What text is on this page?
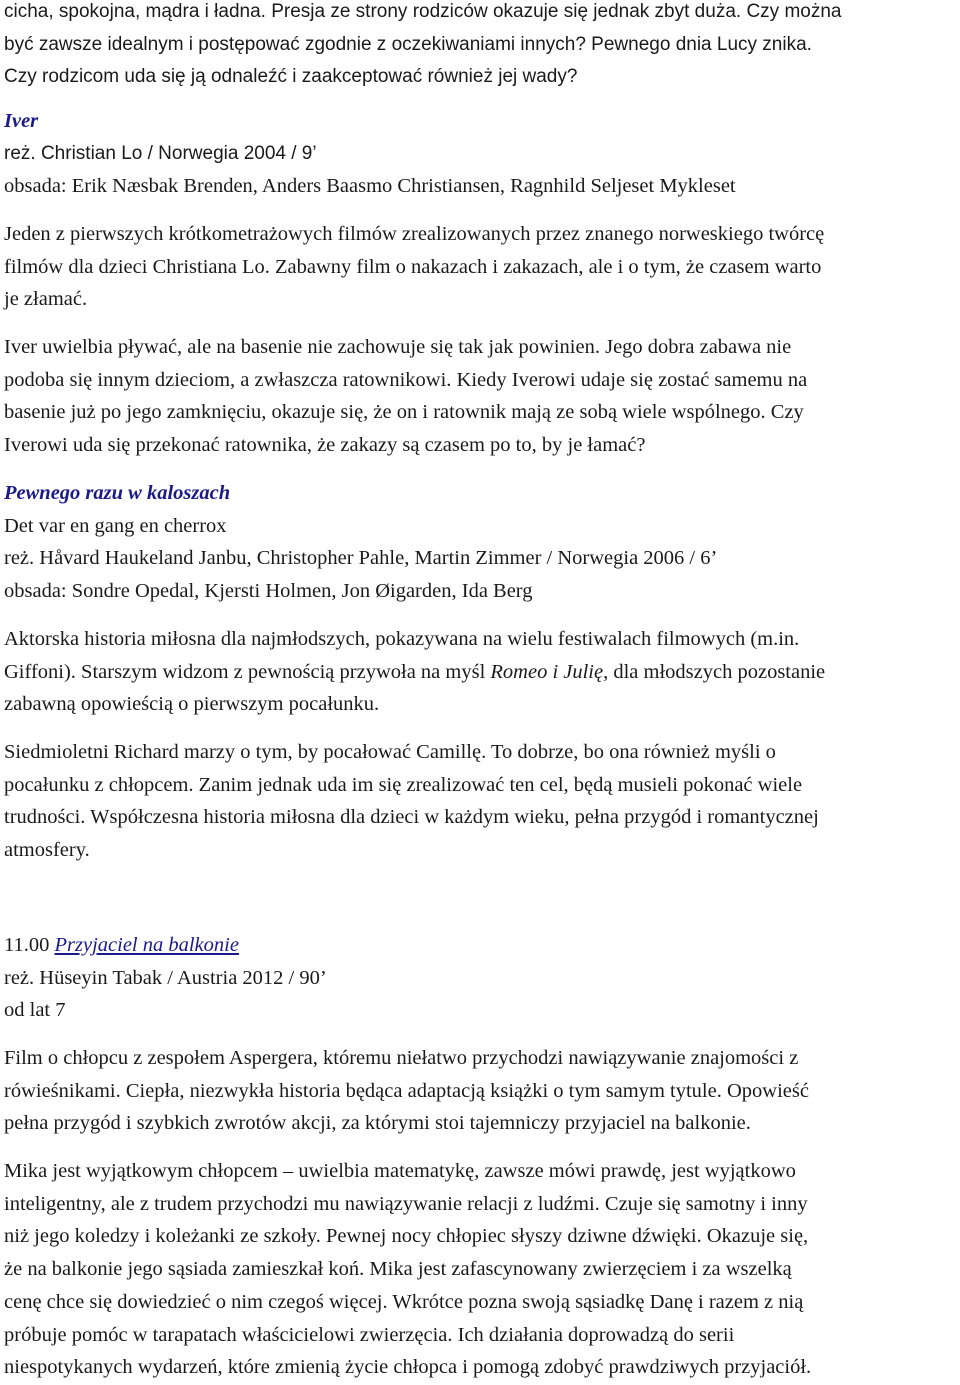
cicha, spokojna, mądra i ładna. Presja ze strony rodziców okazuje się jednak zbyt duża. Czy można

być zawsze idealnym i postępować zgodnie z oczekiwaniami innych? Pewnego dnia Lucy znika.

Czy rodzicom uda się ją odnaleźć i zaakceptować również jej wady?

Iver

reż. Christian Lo / Norwegia 2004 / 9’

obsada: Erik Næsbak Brenden, Anders Baasmo Christiansen, Ragnhild Seljeset Mykleset

Jeden z pierwszych krótkometrażowych filmów zrealizowanych przez znanego norweskiego twórcę

filmów dla dzieci Christiana Lo. Zabawny film o nakazach i zakazach, ale i o tym, że czasem warto

je złamać.

Iver uwielbia pływać, ale na basenie nie zachowuje się tak jak powinien. Jego dobra zabawa nie

podoba się innym dzieciom, a zwłaszcza ratownikowi. Kiedy Iverowi udaje się zostać samemu na

basenie już po jego zamknięciu, okazuje się, że on i ratownik mają ze sobą wiele wspólnego. Czy

Iverowi uda się przekonać ratownika, że zakazy są czasem po to, by je łamać?

Pewnego razu w kaloszach

Det var en gang en cherrox

reż. Håvard Haukeland Janbu, Christopher Pahle, Martin Zimmer / Norwegia 2006 / 6’

obsada: Sondre Opedal, Kjersti Holmen, Jon Øigarden, Ida Berg

Aktorska historia miłosna dla najmłodszych, pokazywana na wielu festiwalach filmowych (m.in.

Giffoni). Starszym widzom z pewnością przywoła na myśl Romeo i Julię, dla młodszych pozostanie

zabawną opowieścią o pierwszym pocałunku.

Siedmioletni Richard marzy o tym, by pocałować Camillę. To dobrze, bo ona również myśli o

pocałunku z chłopcem. Zanim jednak uda im się zrealizować ten cel, będą musieli pokonać wiele

trudności. Współczesna historia miłosna dla dzieci w każdym wieku, pełna przygód i romantycznej

atmosfery.

11.00 Przyjaciel na balkonie

reż. Hüseyin Tabak / Austria 2012 / 90’

od lat 7

Film o chłopcu z zespołem Aspergera, któremu niełatwo przychodzi nawiązywanie znajomości z

rówieśnikami. Ciepła, niezwykła historia będąca adaptacją książki o tym samym tytule. Opowieść

pełna przygód i szybkich zwrotów akcji, za którymi stoi tajemniczy przyjaciel na balkonie.

Mika jest wyjątkowym chłopcem – uwielbia matematykę, zawsze mówi prawdę, jest wyjątkowo

inteligentny, ale z trudem przychodzi mu nawiązywanie relacji z ludźmi. Czuje się samotny i inny

niż jego koledzy i koleżanki ze szkoły. Pewnej nocy chłopiec słyszy dziwne dźwięki. Okazuje się,

że na balkonie jego sąsiada zamieszkał koń. Mika jest zafascynowany zwierzęciem i za wszelką

cenę chce się dowiedzieć o nim czegoś więcej. Wkrótce pozna swoją sąsiadkę Danę i razem z nią

próbuje pomóc w tarapatach właścicielowi zwierzęcia. Ich działania doprowadzą do serii

niespotykanych wydarzeń, które zmienią życie chłopca i pomogą zdobyć prawdziwych przyjaciół.
